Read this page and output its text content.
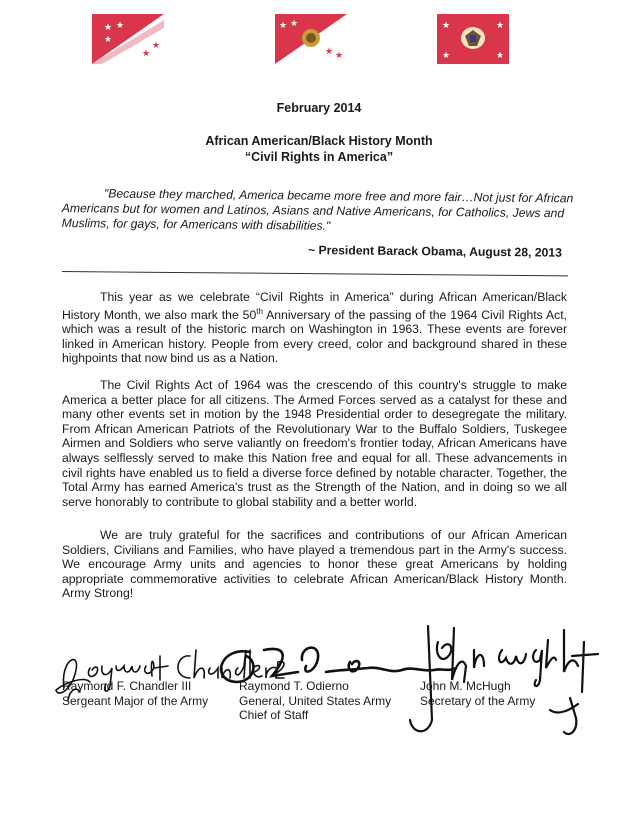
★ ★
★
★
★
★ ★
★ ★
★	★
★	★
February 2014
African American/Black History Month
“Civil Rights in America”
"Because they marched, America became more free and more fair…Not just for African Americans but for women and Latinos, Asians and Native Americans, for Catholics, Jews and Muslims, for gays, for Americans with disabilities."
~ President Barack Obama, August 28, 2013
This year as we celebrate “Civil Rights in America” during African American/Black History Month, we also mark the 50th Anniversary of the passing of the 1964 Civil Rights Act, which was a result of the historic march on Washington in 1963. These events are forever linked in American history. People from every creed, color and background shared in these highpoints that now bind us as a Nation.
The Civil Rights Act of 1964 was the crescendo of this country's struggle to make America a better place for all citizens. The Armed Forces served as a catalyst for these and many other events set in motion by the 1948 Presidential order to desegregate the military. From African American Patriots of the Revolutionary War to the Buffalo Soldiers, Tuskegee Airmen and Soldiers who serve valiantly on freedom's frontier today, African Americans have always selflessly served to make this Nation free and equal for all. These advancements in civil rights have enabled us to field a diverse force defined by notable character. Together, the Total Army has earned America's trust as the Strength of the Nation, and in doing so we all serve honorably to contribute to global stability and a better world.
We are truly grateful for the sacrifices and contributions of our African American Soldiers, Civilians and Families, who have played a tremendous part in the Army's success. We encourage Army units and agencies to honor these great Americans by holding appropriate commemorative activities to celebrate African American/Black History Month. Army Strong!
Raymond F. Chandler III
Sergeant Major of the Army
Raymond T. Odierno
General, United States Army
Chief of Staff
John M. McHugh
Secretary of the Army
